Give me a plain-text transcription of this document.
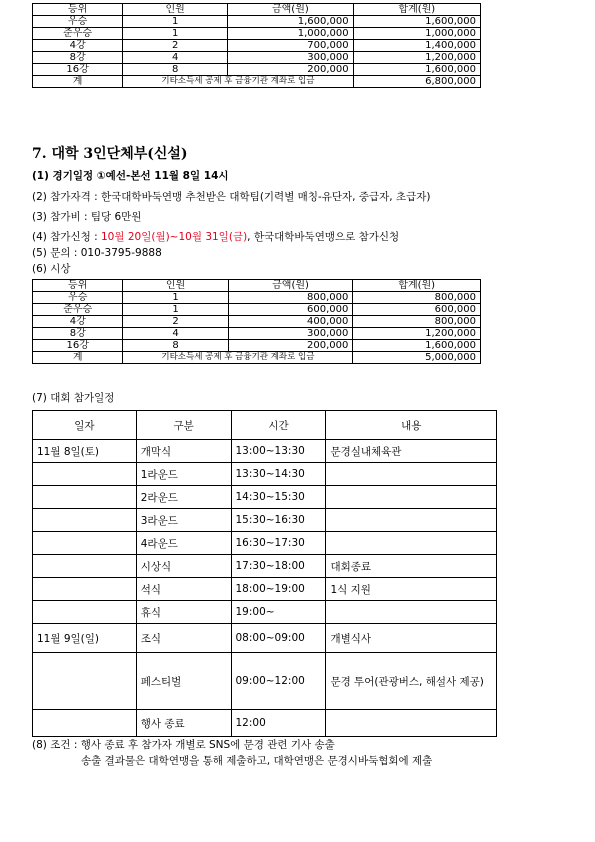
등위	인원	금액(원)	합계(원)
우승	1	1,600,000	1,600,000
준우승	1	1,000,000	1,000,000
4강	2	700,000	1,400,000
8강	4	300,000	1,200,000
16강	8	200,000	1,600,000
계	기타소득세 공제 후 금융기관 계좌로 입금		6,800,000
7. 대학 3인단체부(신설)
(1) 경기일정 ①예선-본선 11월 8일 14시
(2) 참가자격 : 한국대학바둑연맹 추천받은 대학팀(기력별 매칭-유단자, 중급자, 초급자)
(3) 참가비 : 팀당 6만원
(4) 참가신청 : 10월 20일(월)~10월 31일(금), 한국대학바둑연맹으로 참가신청
(5) 문의 : 010-3795-9888
(6) 시상
등위	인원	금액(원)	합계(원)
우승	1	800,000	800,000
준우승	1	600,000	600,000
4강	2	400,000	800,000
8강	4	300,000	1,200,000
16강	8	200,000	1,600,000
계	기타소득세 공제 후 금융기관 계좌로 입금		5,000,000
(7) 대회 참가일정
일자	구분	시간	내용
11월 8일(토)	개막식	13:00~13:30	문경실내체육관
	1라운드	13:30~14:30	
	2라운드	14:30~15:30	
	3라운드	15:30~16:30	
	4라운드	16:30~17:30	
	시상식	17:30~18:00	대회종료
	석식	18:00~19:00	1식 지원
	휴식	19:00~	
11월 9일(일)	조식	08:00~09:00	개별식사
	페스티벌	09:00~12:00	문경 투어(관광버스, 해설사 제공)
	행사 종료	12:00	
(8) 조건 : 행사 종료 후 참가자 개별로 SNS에 문경 관련 기사 송출
송출 결과물은 대학연맹을 통해 제출하고, 대학연맹은 문경시바둑협회에 제출
